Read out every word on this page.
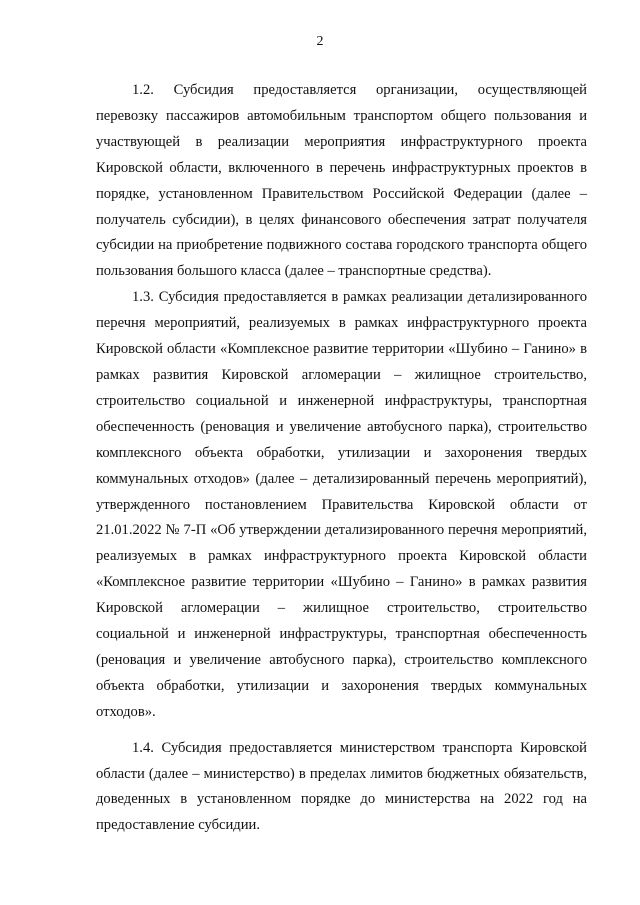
2

1.2. Субсидия предоставляется организации, осуществляющей перевозку пассажиров автомобильным транспортом общего пользования и участвующей в реализации мероприятия инфраструктурного проекта Кировской области, включенного в перечень инфраструктурных проектов в порядке, установленном Правительством Российской Федерации (далее – получатель субсидии), в целях финансового обеспечения затрат получателя субсидии на приобретение подвижного состава городского транспорта общего пользования большого класса (далее – транспортные средства).

1.3. Субсидия предоставляется в рамках реализации детализированного перечня мероприятий, реализуемых в рамках инфраструктурного проекта Кировской области «Комплексное развитие территории «Шубино – Ганино» в рамках развития Кировской агломерации – жилищное строительство, строительство социальной и инженерной инфраструктуры, транспортная обеспеченность (реновация и увеличение автобусного парка), строительство комплексного объекта обработки, утилизации и захоронения твердых коммунальных отходов» (далее – детализированный перечень мероприятий), утвержденного постановлением Правительства Кировской области от 21.01.2022 № 7-П «Об утверждении детализированного перечня мероприятий, реализуемых в рамках инфраструктурного проекта Кировской области «Комплексное развитие территории «Шубино – Ганино» в рамках развития Кировской агломерации – жилищное строительство, строительство социальной и инженерной инфраструктуры, транспортная обеспеченность (реновация и увеличение автобусного парка), строительство комплексного объекта обработки, утилизации и захоронения твердых коммунальных отходов».

1.4. Субсидия предоставляется министерством транспорта Кировской области (далее – министерство) в пределах лимитов бюджетных обязательств, доведенных в установленном порядке до министерства на 2022 год на предоставление субсидии.
